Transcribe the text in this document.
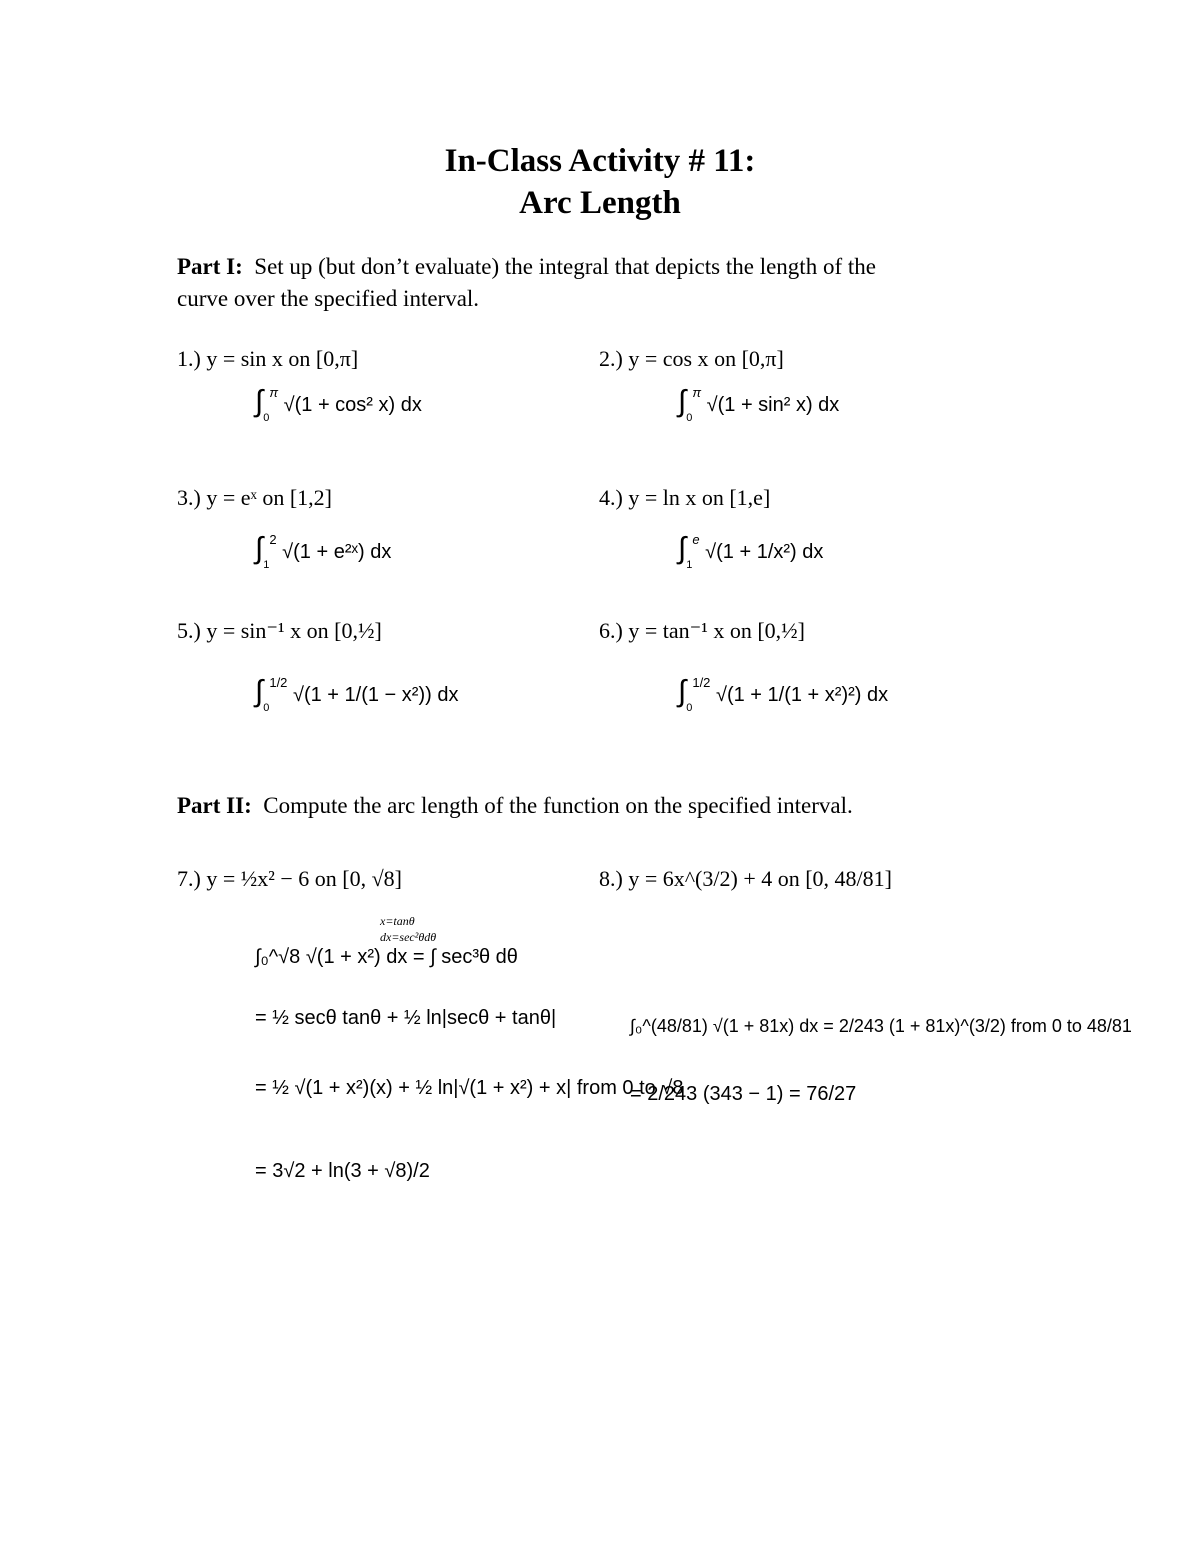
In-Class Activity # 11:
Arc Length
Part I: Set up (but don’t evaluate) the integral that depicts the length of the
curve over the specified interval.
1.) y = sin x on [0,π]
$\int_0^\pi$ √(1 + cos² x) dx
2.) y = cos x on [0,π]
$\int_0^\pi$ √(1 + sin² x) dx
3.) y = eˣ on [1,2]
$\int_1^2$ √(1 + e²ˣ) dx
4.) y = ln x on [1,e]
$\int_1^e$ √(1 + 1/x²) dx
5.) y = sin⁻¹ x on [0,½]
$\int_0^{1/2}$ √(1 + 1/(1 − x²)) dx
6.) y = tan⁻¹ x on [0,½]
$\int_0^{1/2}$ √(1 + 1/(1 + x²)²) dx
Part II: Compute the arc length of the function on the specified interval.
7.) y = ½x² − 6 on [0, √8]
x=tanθ
dx=sec²θdθ
∫₀^√8 √(1 + x²) dx = ∫ sec³θ dθ
= ½ secθ tanθ + ½ ln|secθ + tanθ|
= ½ √(1 + x²)(x) + ½ ln|√(1 + x²) + x| from 0 to √8
= 3√2 + ln(3 + √8)/2
8.) y = 6x^(3/2) + 4 on [0, 48/81]
∫₀^(48/81) √(1 + 81x) dx = 2/243 (1 + 81x)^(3/2) from 0 to 48/81
= 2/243 (343 − 1) = 76/27
